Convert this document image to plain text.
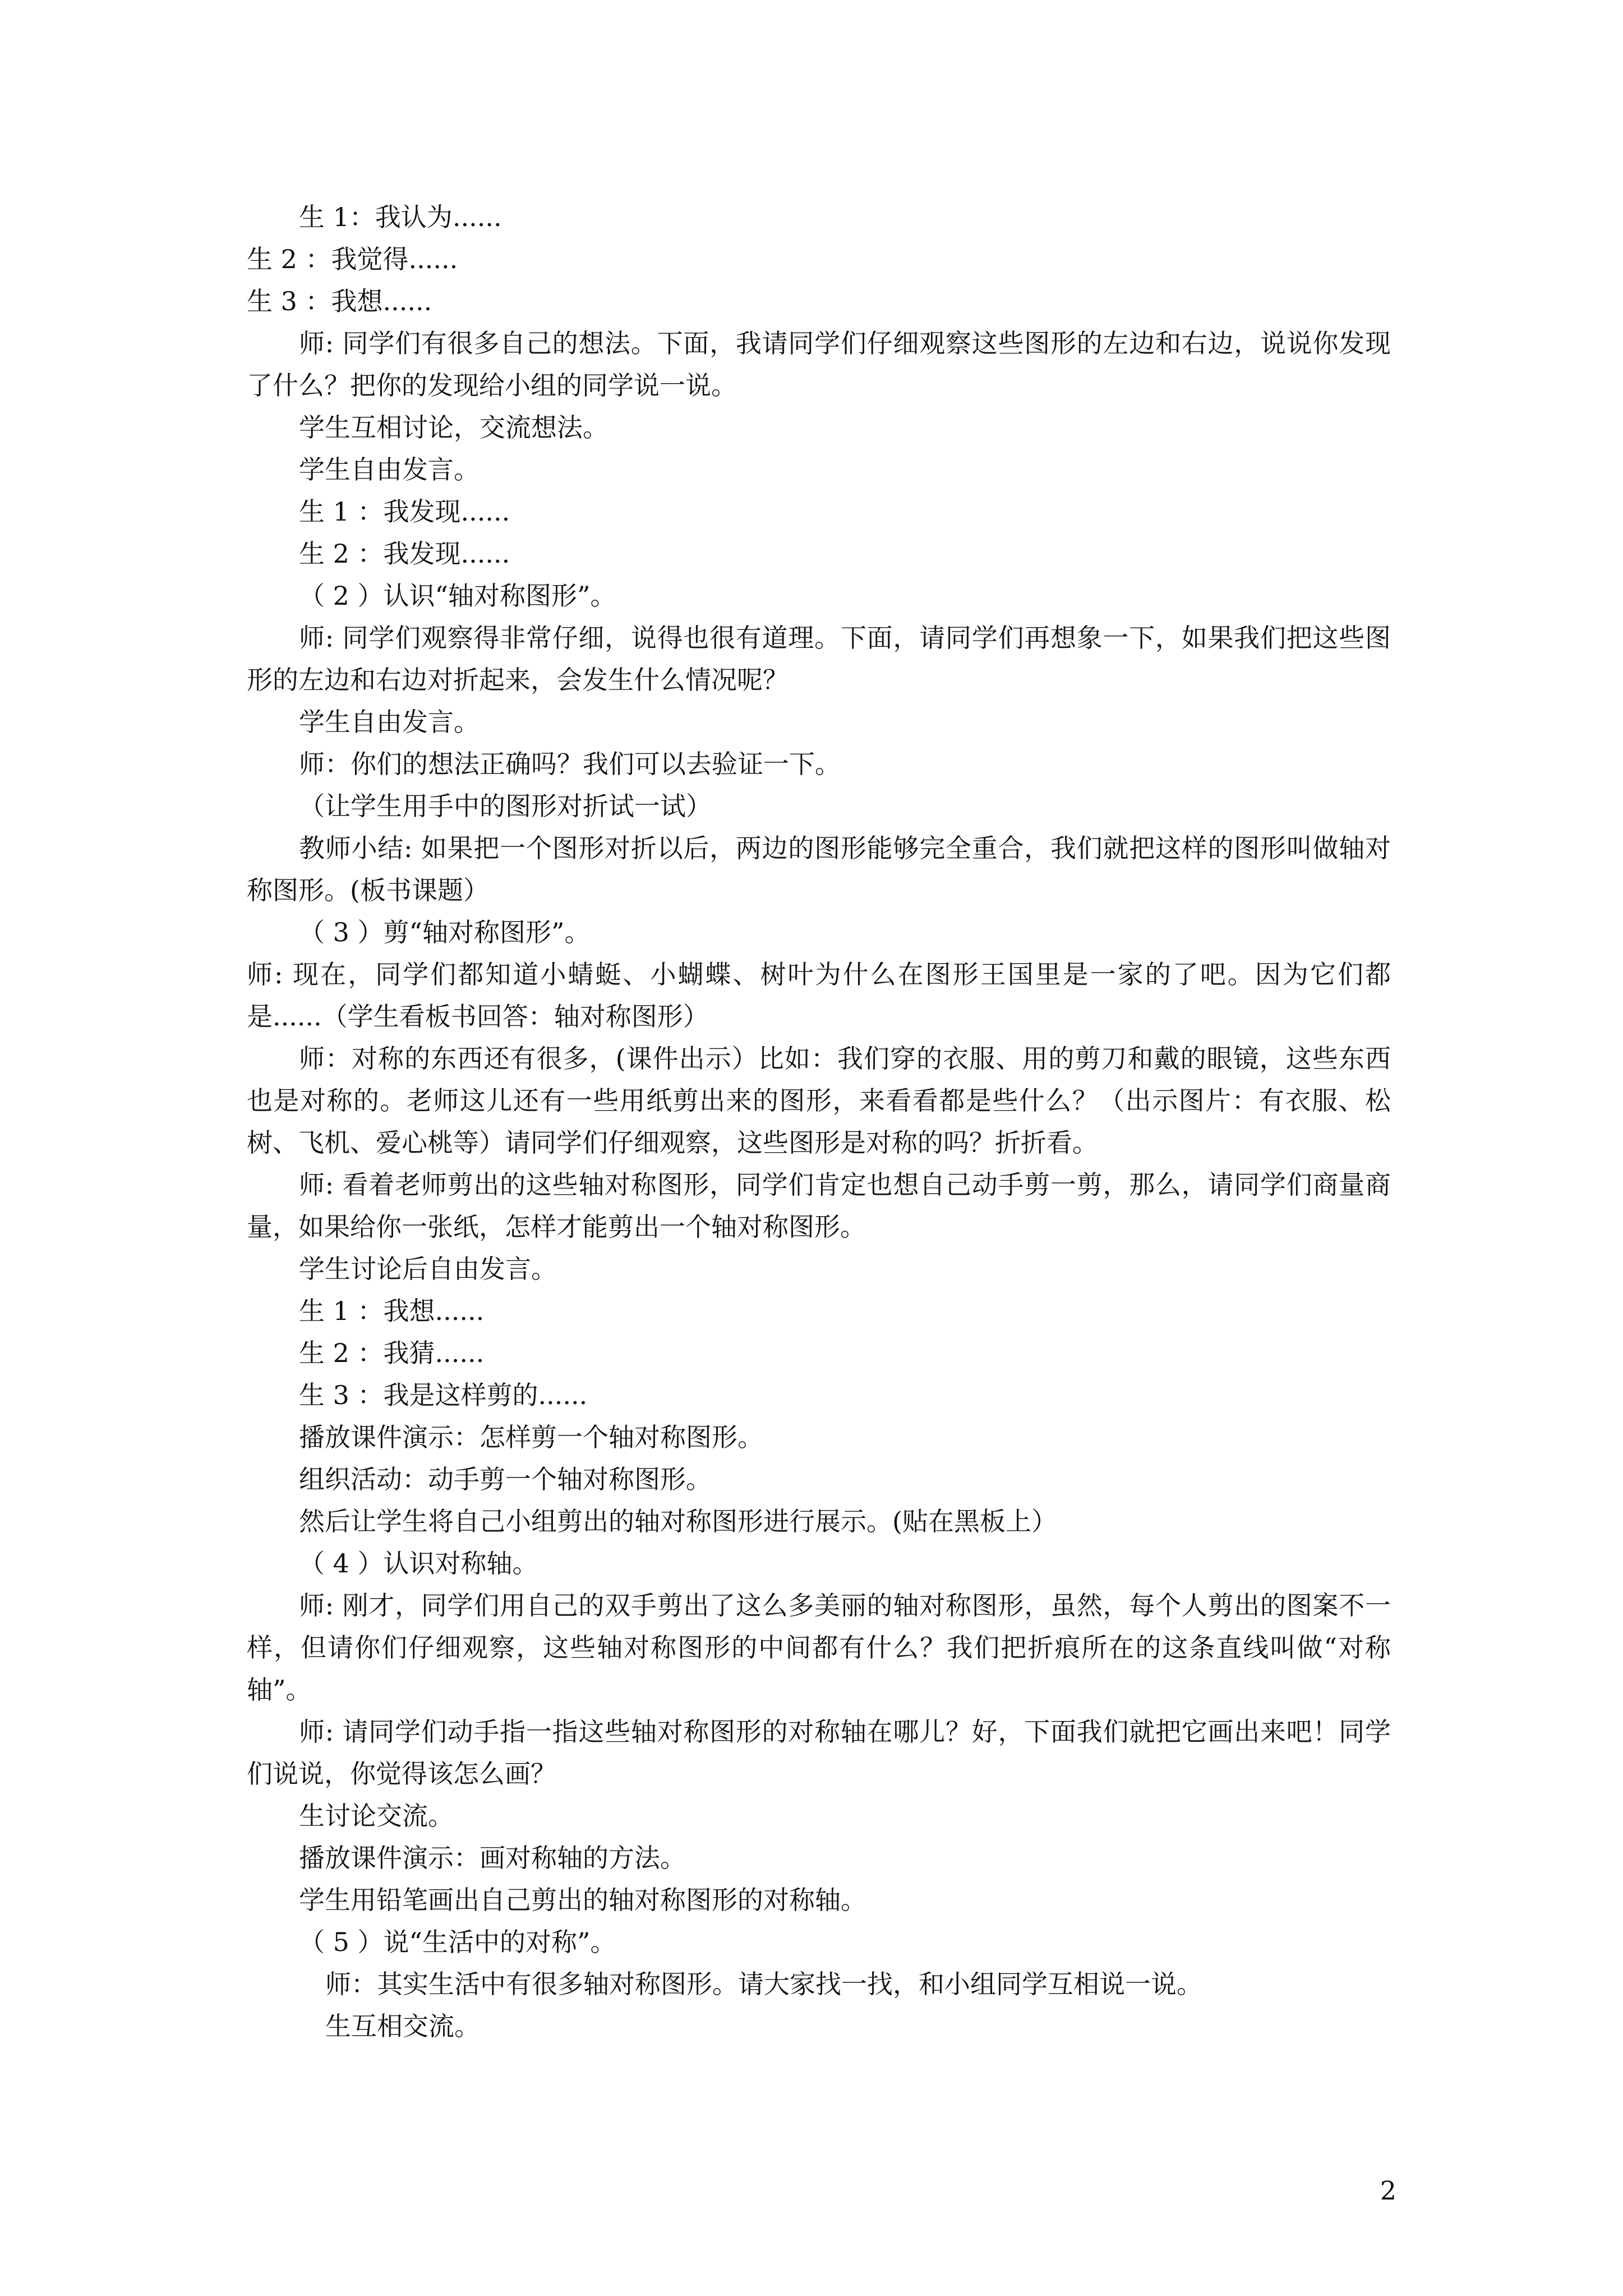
生 1：我认为......

生 2 ：我觉得......

生 3 ：我想......

师: 同学们有很多自己的想法。下面，我请同学们仔细观察这些图形的左边和右边，说说你发现了什么？把你的发现给小组的同学说一说。

学生互相讨论，交流想法。

学生自由发言。

生 1 ：我发现......

生 2 ：我发现......

（ 2 ）认识“轴对称图形”。

师: 同学们观察得非常仔细，说得也很有道理。下面，请同学们再想象一下，如果我们把这些图形的左边和右边对折起来，会发生什么情况呢？

学生自由发言。

师：你们的想法正确吗？我们可以去验证一下。

（让学生用手中的图形对折试一试）

教师小结: 如果把一个图形对折以后，两边的图形能够完全重合，我们就把这样的图形叫做轴对称图形。(板书课题）

（ 3 ）剪“轴对称图形”。

师: 现在，同学们都知道小蜻蜓、小蝴蝶、树叶为什么在图形王国里是一家的了吧。因为它们都是......（学生看板书回答：轴对称图形）

师：对称的东西还有很多，(课件出示）比如：我们穿的衣服、用的剪刀和戴的眼镜，这些东西也是对称的。老师这儿还有一些用纸剪出来的图形，来看看都是些什么？（出示图片：有衣服、松树、飞机、爱心桃等）请同学们仔细观察，这些图形是对称的吗？折折看。

师: 看着老师剪出的这些轴对称图形，同学们肯定也想自己动手剪一剪，那么，请同学们商量商量，如果给你一张纸，怎样才能剪出一个轴对称图形。

学生讨论后自由发言。

生 1 ：我想......

生 2 ：我猜......

生 3 ：我是这样剪的......

播放课件演示：怎样剪一个轴对称图形。

组织活动：动手剪一个轴对称图形。

然后让学生将自己小组剪出的轴对称图形进行展示。(贴在黑板上）

（ 4 ）认识对称轴。

师: 刚才，同学们用自己的双手剪出了这么多美丽的轴对称图形，虽然，每个人剪出的图案不一样，但请你们仔细观察，这些轴对称图形的中间都有什么？我们把折痕所在的这条直线叫做“对称轴”。

师: 请同学们动手指一指这些轴对称图形的对称轴在哪儿？好，下面我们就把它画出来吧！同学们说说，你觉得该怎么画？

生讨论交流。

播放课件演示：画对称轴的方法。

学生用铅笔画出自己剪出的轴对称图形的对称轴。

（ 5 ）说“生活中的对称”。

师：其实生活中有很多轴对称图形。请大家找一找，和小组同学互相说一说。

生互相交流。

2
